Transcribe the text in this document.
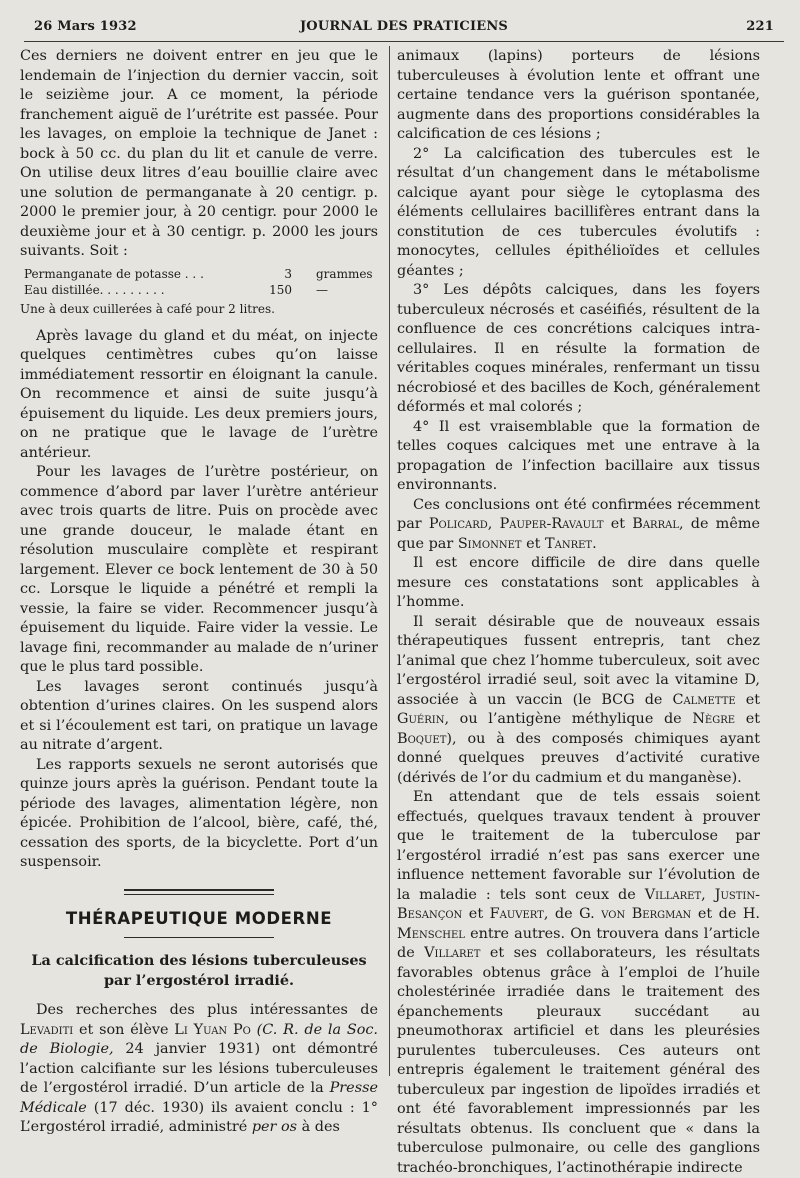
26 Mars 1932	JOURNAL DES PRATICIENS	221

Ces derniers ne doivent entrer en jeu que le lendemain de l’injection du dernier vaccin, soit le seizième jour. A ce moment, la période franchement aiguë de l’urétrite est passée. Pour les lavages, on emploie la technique de Janet : bock à 50 cc. du plan du lit et canule de verre. On utilise deux litres d’eau bouillie claire avec une solution de permanganate à 20 centigr. p. 2000 le premier jour, à 20 centigr. pour 2000 le deuxième jour et à 30 centigr. p. 2000 les jours suivants. Soit :

Permanganate de potasse . . .	3	grammes
Eau distillée. . . . . . . . .	150	—
Une à deux cuillerées à café pour 2 litres.

Après lavage du gland et du méat, on injecte quelques centimètres cubes qu’on laisse immédiatement ressortir en éloignant la canule. On recommence et ainsi de suite jusqu’à épuisement du liquide. Les deux premiers jours, on ne pratique que le lavage de l’urètre antérieur.

Pour les lavages de l’urètre postérieur, on commence d’abord par laver l’urètre antérieur avec trois quarts de litre. Puis on procède avec une grande douceur, le malade étant en résolution musculaire complète et respirant largement. Elever ce bock lentement de 30 à 50 cc. Lorsque le liquide a pénétré et rempli la vessie, la faire se vider. Recommencer jusqu’à épuisement du liquide. Faire vider la vessie. Le lavage fini, recommander au malade de n’uriner que le plus tard possible.

Les lavages seront continués jusqu’à obtention d’urines claires. On les suspend alors et si l’écoulement est tari, on pratique un lavage au nitrate d’argent.

Les rapports sexuels ne seront autorisés que quinze jours après la guérison. Pendant toute la période des lavages, alimentation légère, non épicée. Prohibition de l’alcool, bière, café, thé, cessation des sports, de la bicyclette. Port d’un suspensoir.

THÉRAPEUTIQUE MODERNE
La calcification des lésions tuberculeuses
par l’ergostérol irradié.

Des recherches des plus intéressantes de Levaditi et son élève Li Yuan Po (C. R. de la Soc. de Biologie, 24 janvier 1931) ont démontré l’action calcifiante sur les lésions tuberculeuses de l’ergostérol irradié. D’un article de la Presse Médicale (17 déc. 1930) ils avaient conclu : 1° L’ergostérol irradié, administré per os à des

animaux (lapins) porteurs de lésions tuberculeuses à évolution lente et offrant une certaine tendance vers la guérison spontanée, augmente dans des proportions considérables la calcification de ces lésions ;

2° La calcification des tubercules est le résultat d’un changement dans le métabolisme calcique ayant pour siège le cytoplasma des éléments cellulaires bacillifères entrant dans la constitution de ces tubercules évolutifs : monocytes, cellules épithélioïdes et cellules géantes ;

3° Les dépôts calciques, dans les foyers tuberculeux nécrosés et caséifiés, résultent de la confluence de ces concrétions calciques intra-cellulaires. Il en résulte la formation de véritables coques minérales, renfermant un tissu nécrobiosé et des bacilles de Koch, généralement déformés et mal colorés ;

4° Il est vraisemblable que la formation de telles coques calciques met une entrave à la propagation de l’infection bacillaire aux tissus environnants.

Ces conclusions ont été confirmées récemment par Policard, Pauper-Ravault et Barral, de même que par Simonnet et Tanret.

Il est encore difficile de dire dans quelle mesure ces constatations sont applicables à l’homme.

Il serait désirable que de nouveaux essais thérapeutiques fussent entrepris, tant chez l’animal que chez l’homme tuberculeux, soit avec l’ergostérol irradié seul, soit avec la vitamine D, associée à un vaccin (le BCG de Calmette et Guérin, ou l’antigène méthylique de Nègre et Boquet), ou à des composés chimiques ayant donné quelques preuves d’activité curative (dérivés de l’or du cadmium et du manganèse).

En attendant que de tels essais soient effectués, quelques travaux tendent à prouver que le traitement de la tuberculose par l’ergostérol irradié n’est pas sans exercer une influence nettement favorable sur l’évolution de la maladie : tels sont ceux de Villaret, Justin-Besançon et Fauvert, de G. von Bergman et de H. Menschel entre autres. On trouvera dans l’article de Villaret et ses collaborateurs, les résultats favorables obtenus grâce à l’emploi de l’huile cholestérinée irradiée dans le traitement des épanchements pleuraux succédant au pneumothorax artificiel et dans les pleurésies purulentes tuberculeuses. Ces auteurs ont entrepris également le traitement général des tuberculeux par ingestion de lipoïdes irradiés et ont été favorablement impressionnés par les résultats obtenus. Ils concluent que « dans la tuberculose pulmonaire, ou celle des ganglions trachéo-bronchiques, l’actinothérapie indirecte
